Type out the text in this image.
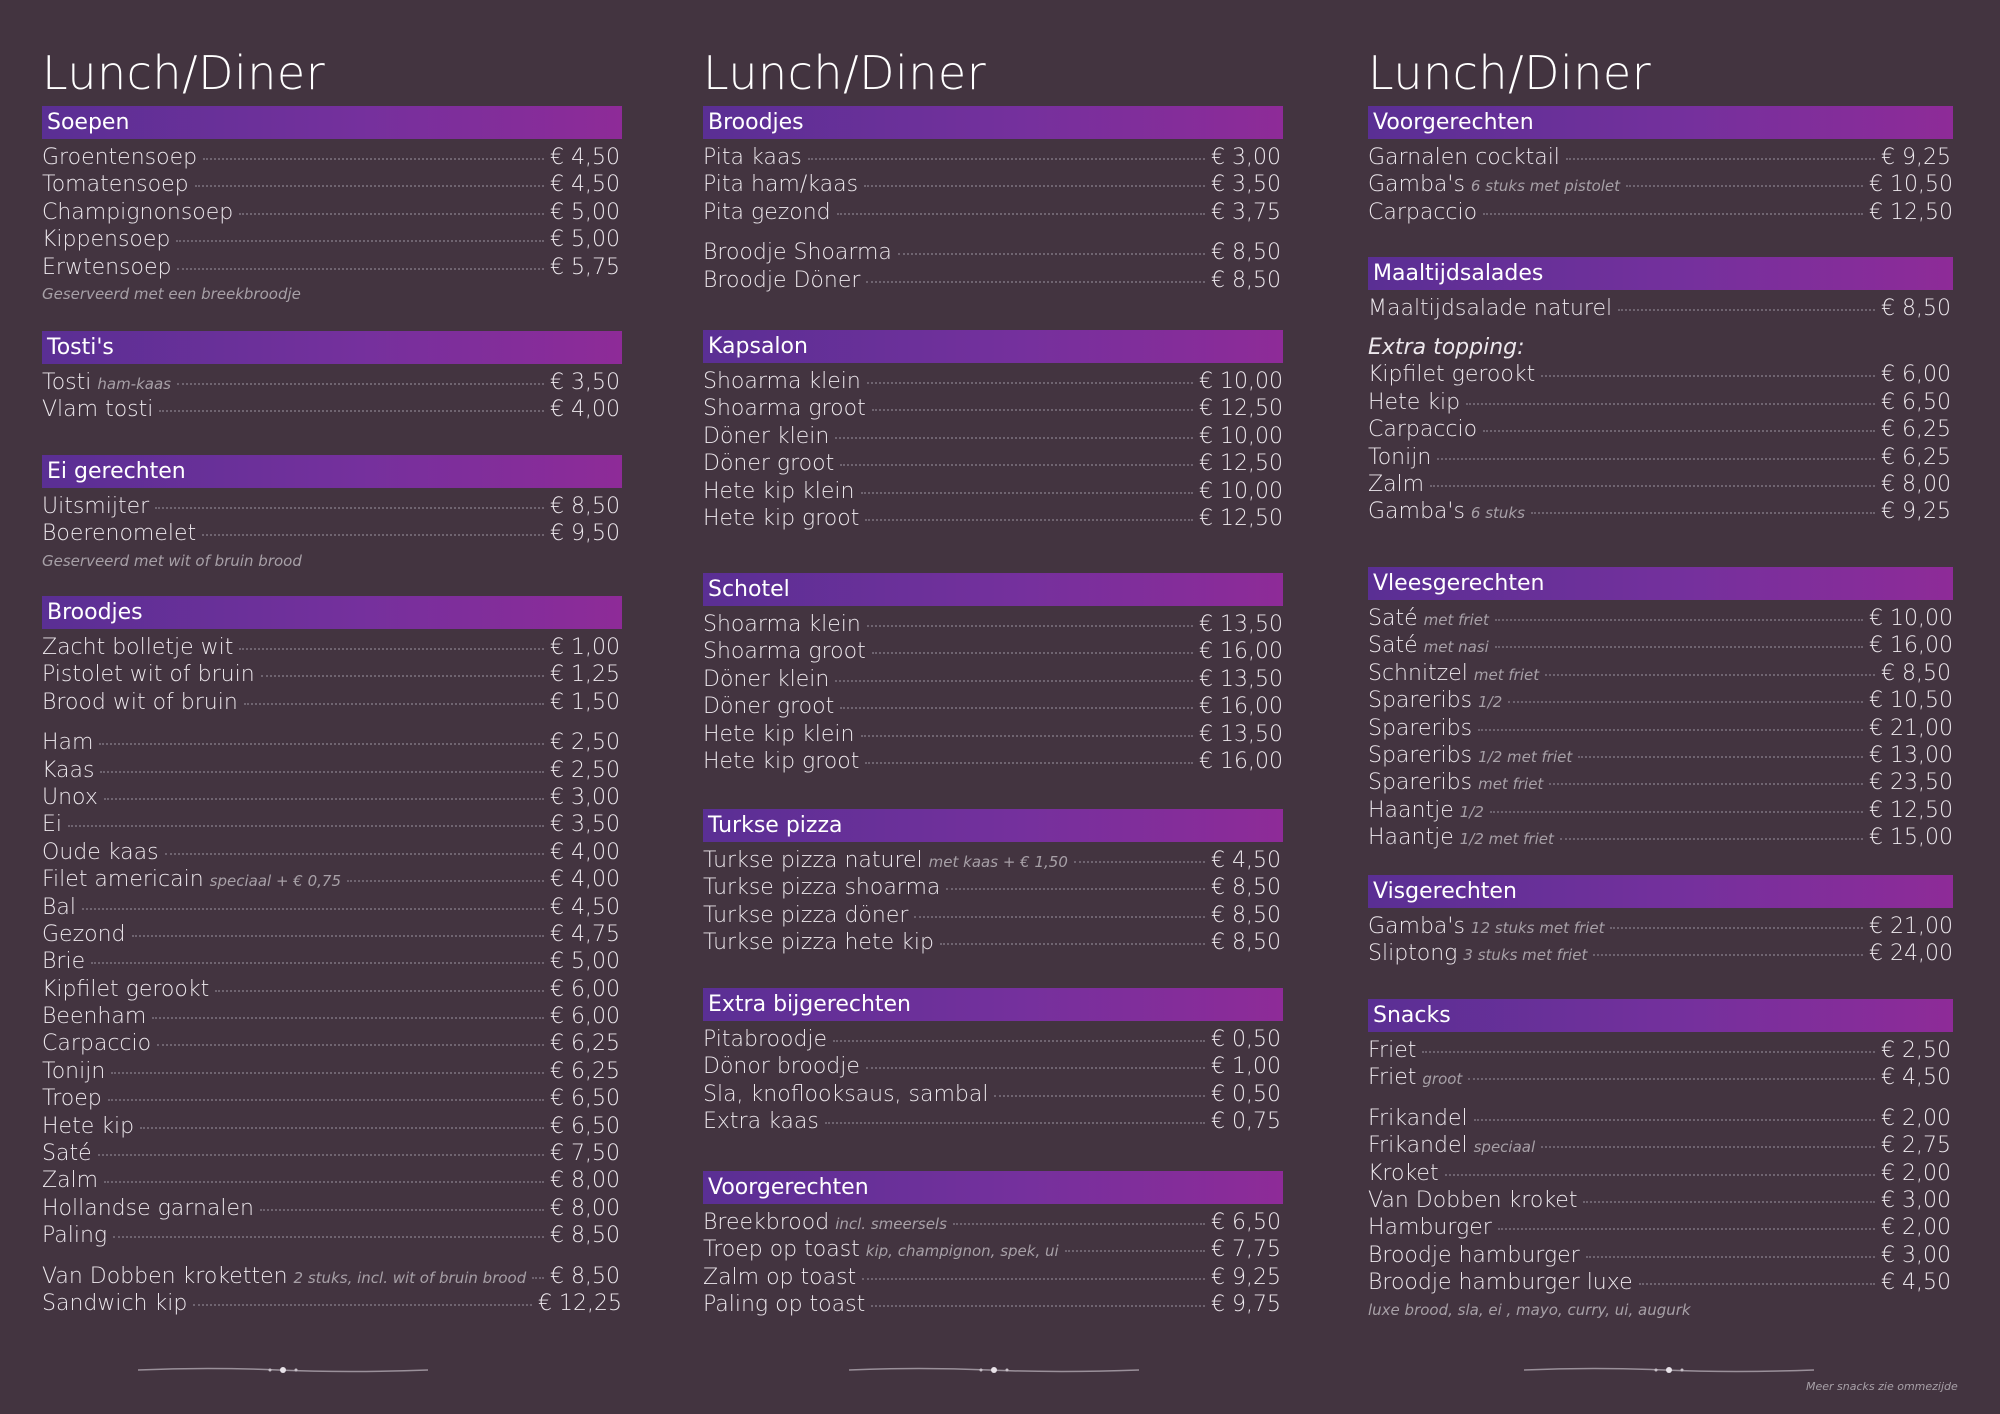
Lunch/Diner
Soepen
Groentensoep	€ 4,50
Tomatensoep	€ 4,50
Champignonsoep	€ 5,00
Kippensoep	€ 5,00
Erwtensoep	€ 5,75
Geserveerd met een breekbroodje
Tosti's
Tosti ham-kaas	€ 3,50
Vlam tosti	€ 4,00
Ei gerechten
Uitsmijter	€ 8,50
Boerenomelet	€ 9,50
Geserveerd met wit of bruin brood
Broodjes
Zacht bolletje wit	€ 1,00
Pistolet wit of bruin	€ 1,25
Brood wit of bruin	€ 1,50
Ham	€ 2,50
Kaas	€ 2,50
Unox	€ 3,00
Ei	€ 3,50
Oude kaas	€ 4,00
Filet americain speciaal + € 0,75	€ 4,00
Bal	€ 4,50
Gezond	€ 4,75
Brie	€ 5,00
Kipfilet gerookt	€ 6,00
Beenham	€ 6,00
Carpaccio	€ 6,25
Tonijn	€ 6,25
Troep	€ 6,50
Hete kip	€ 6,50
Saté	€ 7,50
Zalm	€ 8,00
Hollandse garnalen	€ 8,00
Paling	€ 8,50
Van Dobben kroketten 2 stuks, incl. wit of bruin brood € 8,50
Sandwich kip	€ 12,25
Lunch/Diner
Broodjes
Pita kaas	€ 3,00
Pita ham/kaas	€ 3,50
Pita gezond	€ 3,75
Broodje Shoarma	€ 8,50
Broodje Döner	€ 8,50
Kapsalon
Shoarma klein	€ 10,00
Shoarma groot	€ 12,50
Döner klein	€ 10,00
Döner groot	€ 12,50
Hete kip klein	€ 10,00
Hete kip groot	€ 12,50
Schotel
Shoarma klein	€ 13,50
Shoarma groot	€ 16,00
Döner klein	€ 13,50
Döner groot	€ 16,00
Hete kip klein	€ 13,50
Hete kip groot	€ 16,00
Turkse pizza
Turkse pizza naturel met kaas + € 1,50	€ 4,50
Turkse pizza shoarma	€ 8,50
Turkse pizza döner	€ 8,50
Turkse pizza hete kip	€ 8,50
Extra bijgerechten
Pitabroodje	€ 0,50
Dönor broodje	€ 1,00
Sla, knoflooksaus, sambal	€ 0,50
Extra kaas	€ 0,75
Voorgerechten
Breekbrood incl. smeersels	€ 6,50
Troep op toast kip, champignon, spek, ui	€ 7,75
Zalm op toast	€ 9,25
Paling op toast	€ 9,75
Lunch/Diner
Voorgerechten
Garnalen cocktail	€ 9,25
Gamba's 6 stuks met pistolet	€ 10,50
Carpaccio	€ 12,50
Maaltijdsalades
Maaltijdsalade naturel	€ 8,50
Extra topping:
Kipfilet gerookt	€ 6,00
Hete kip	€ 6,50
Carpaccio	€ 6,25
Tonijn	€ 6,25
Zalm	€ 8,00
Gamba's 6 stuks	€ 9,25
Vleesgerechten
Saté met friet	€ 10,00
Saté met nasi	€ 16,00
Schnitzel met friet	€ 8,50
Spareribs 1/2	€ 10,50
Spareribs	€ 21,00
Spareribs 1/2 met friet	€ 13,00
Spareribs met friet	€ 23,50
Haantje 1/2	€ 12,50
Haantje 1/2 met friet	€ 15,00
Visgerechten
Gamba's 12 stuks met friet	€ 21,00
Sliptong 3 stuks met friet	€ 24,00
Snacks
Friet	€ 2,50
Friet groot	€ 4,50
Frikandel	€ 2,00
Frikandel speciaal	€ 2,75
Kroket	€ 2,00
Van Dobben kroket	€ 3,00
Hamburger	€ 2,00
Broodje hamburger	€ 3,00
Broodje hamburger luxe	€ 4,50
luxe brood, sla, ei , mayo, curry, ui, augurk
Meer snacks zie ommezijde
